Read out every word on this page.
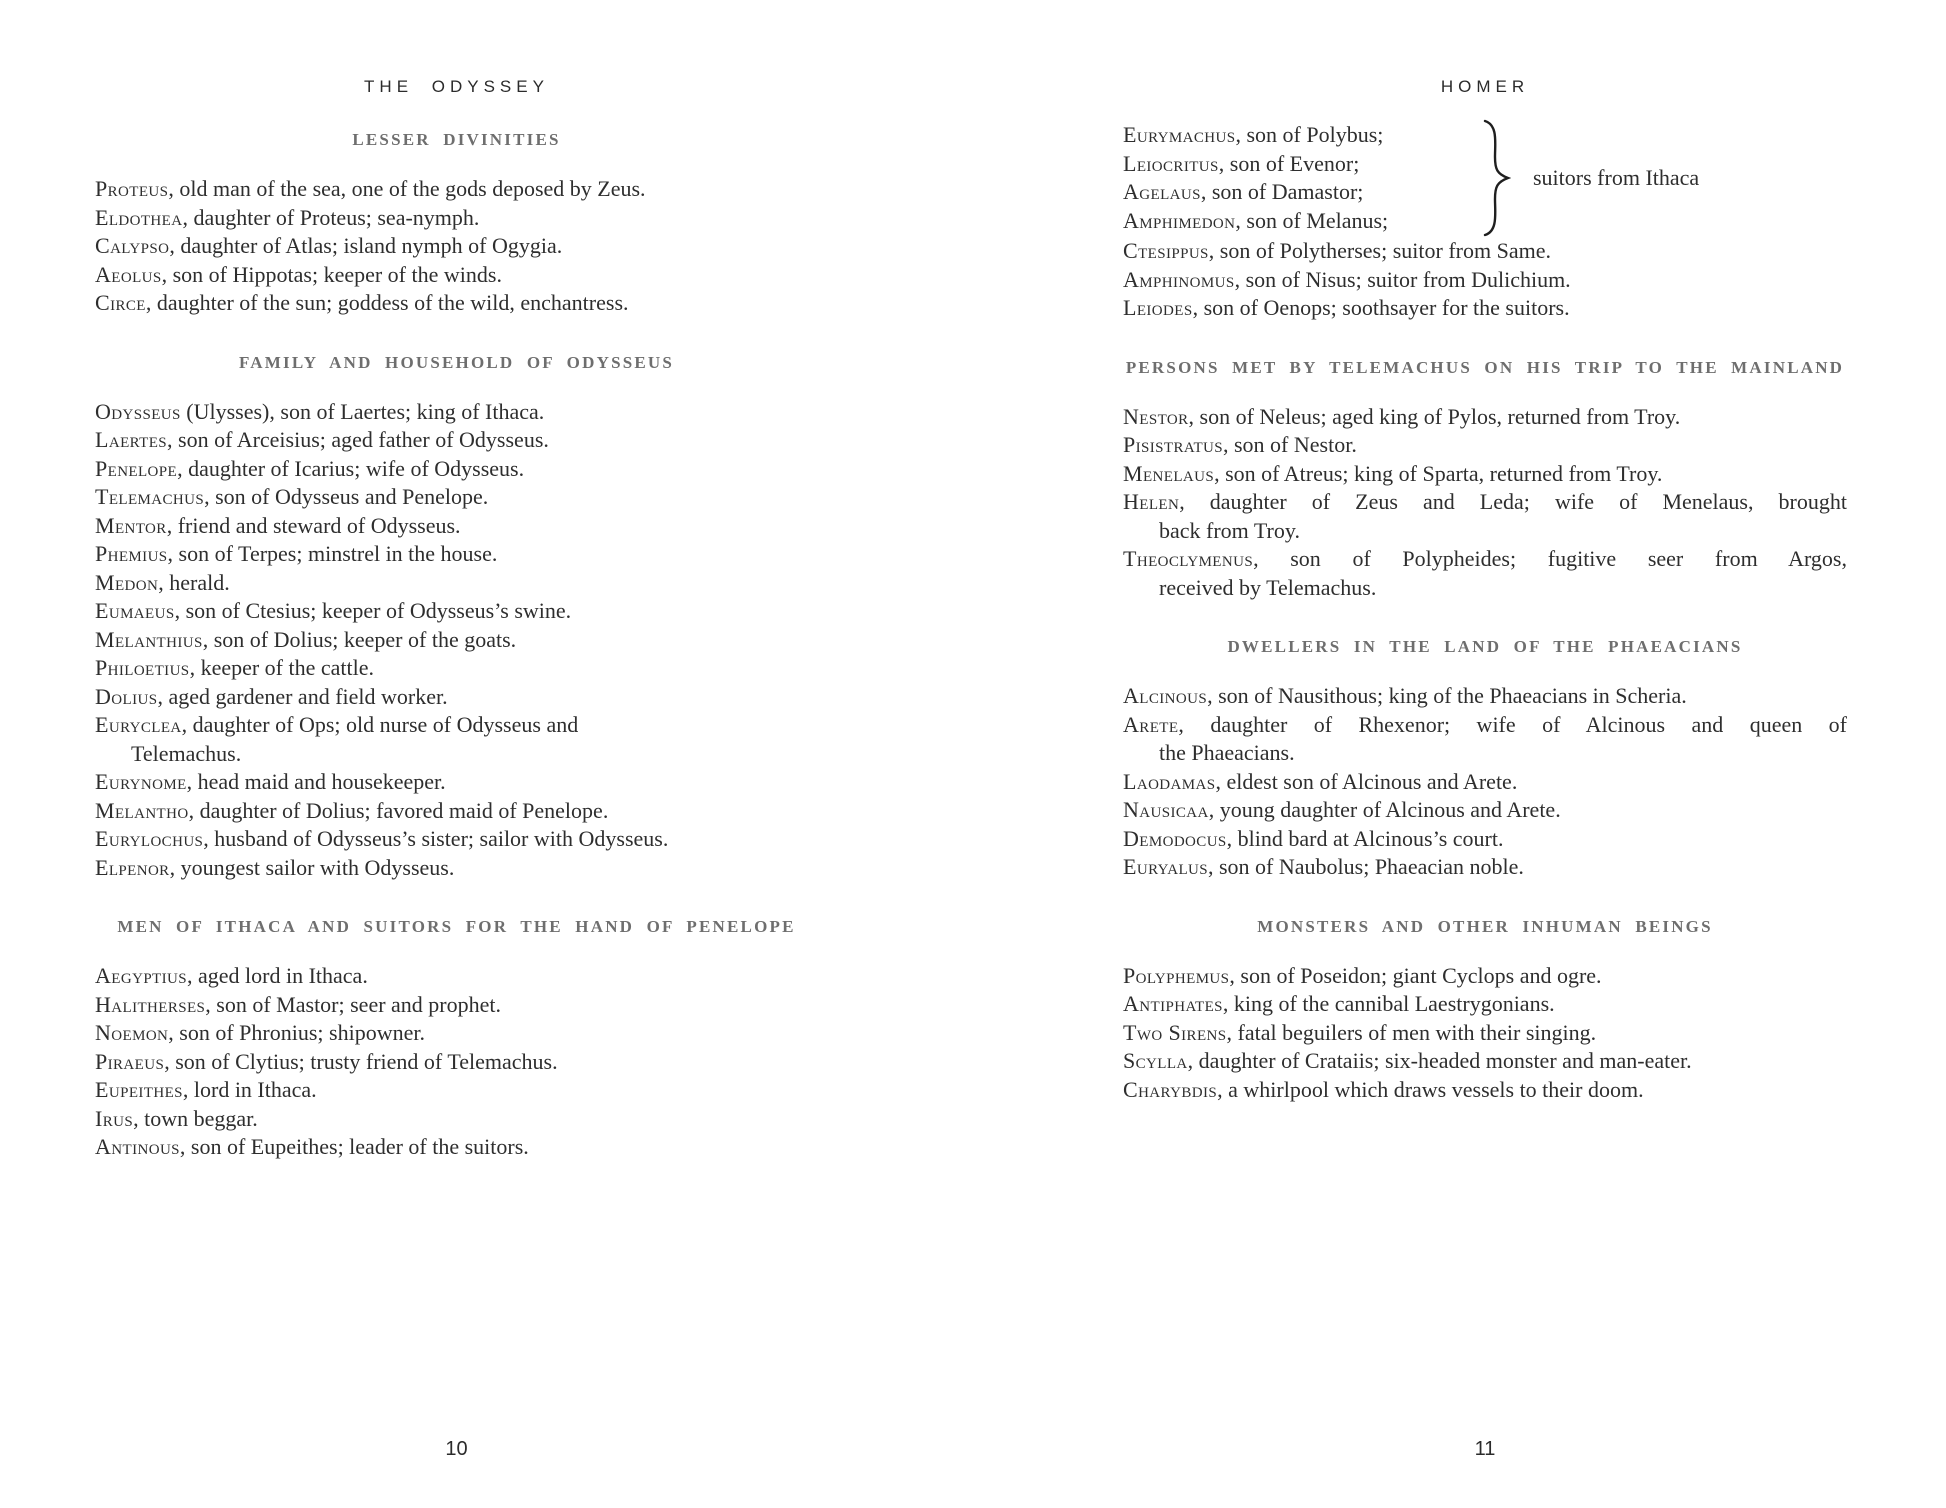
THE ODYSSEY

LESSER DIVINITIES

Proteus, old man of the sea, one of the gods deposed by Zeus.

Eldothea, daughter of Proteus; sea-nymph.

Calypso, daughter of Atlas; island nymph of Ogygia.

Aeolus, son of Hippotas; keeper of the winds.

Circe, daughter of the sun; goddess of the wild, enchantress.

FAMILY AND HOUSEHOLD OF ODYSSEUS

Odysseus (Ulysses), son of Laertes; king of Ithaca.

Laertes, son of Arceisius; aged father of Odysseus.

Penelope, daughter of Icarius; wife of Odysseus.

Telemachus, son of Odysseus and Penelope.

Mentor, friend and steward of Odysseus.

Phemius, son of Terpes; minstrel in the house.

Medon, herald.

Eumaeus, son of Ctesius; keeper of Odysseus’s swine.

Melanthius, son of Dolius; keeper of the goats.

Philoetius, keeper of the cattle.

Dolius, aged gardener and field worker.

Euryclea, daughter of Ops; old nurse of Odysseus and
Telemachus.

Eurynome, head maid and housekeeper.

Melantho, daughter of Dolius; favored maid of Penelope.

Eurylochus, husband of Odysseus’s sister; sailor with Odysseus.

Elpenor, youngest sailor with Odysseus.

MEN OF ITHACA AND SUITORS FOR THE HAND OF PENELOPE

Aegyptius, aged lord in Ithaca.

Halitherses, son of Mastor; seer and prophet.

Noemon, son of Phronius; shipowner.

Piraeus, son of Clytius; trusty friend of Telemachus.

Eupeithes, lord in Ithaca.

Irus, town beggar.

Antinous, son of Eupeithes; leader of the suitors.

10

HOMER

Eurymachus, son of Polybus;

Leiocritus, son of Evenor;

Agelaus, son of Damastor;

Amphimedon, son of Melanus;

suitors from Ithaca

Ctesippus, son of Polytherses; suitor from Same.

Amphinomus, son of Nisus; suitor from Dulichium.

Leiodes, son of Oenops; soothsayer for the suitors.

PERSONS MET BY TELEMACHUS ON HIS TRIP TO THE MAINLAND

Nestor, son of Neleus; aged king of Pylos, returned from Troy.

Pisistratus, son of Nestor.

Menelaus, son of Atreus; king of Sparta, returned from Troy.

Helen, daughter of Zeus and Leda; wife of Menelaus, brought
back from Troy.

Theoclymenus, son of Polypheides; fugitive seer from Argos,
received by Telemachus.

DWELLERS IN THE LAND OF THE PHAEACIANS

Alcinous, son of Nausithous; king of the Phaeacians in Scheria.

Arete, daughter of Rhexenor; wife of Alcinous and queen of
the Phaeacians.

Laodamas, eldest son of Alcinous and Arete.

Nausicaa, young daughter of Alcinous and Arete.

Demodocus, blind bard at Alcinous’s court.

Euryalus, son of Naubolus; Phaeacian noble.

MONSTERS AND OTHER INHUMAN BEINGS

Polyphemus, son of Poseidon; giant Cyclops and ogre.

Antiphates, king of the cannibal Laestrygonians.

Two Sirens, fatal beguilers of men with their singing.

Scylla, daughter of Crataiis; six-headed monster and man-eater.

Charybdis, a whirlpool which draws vessels to their doom.

11
